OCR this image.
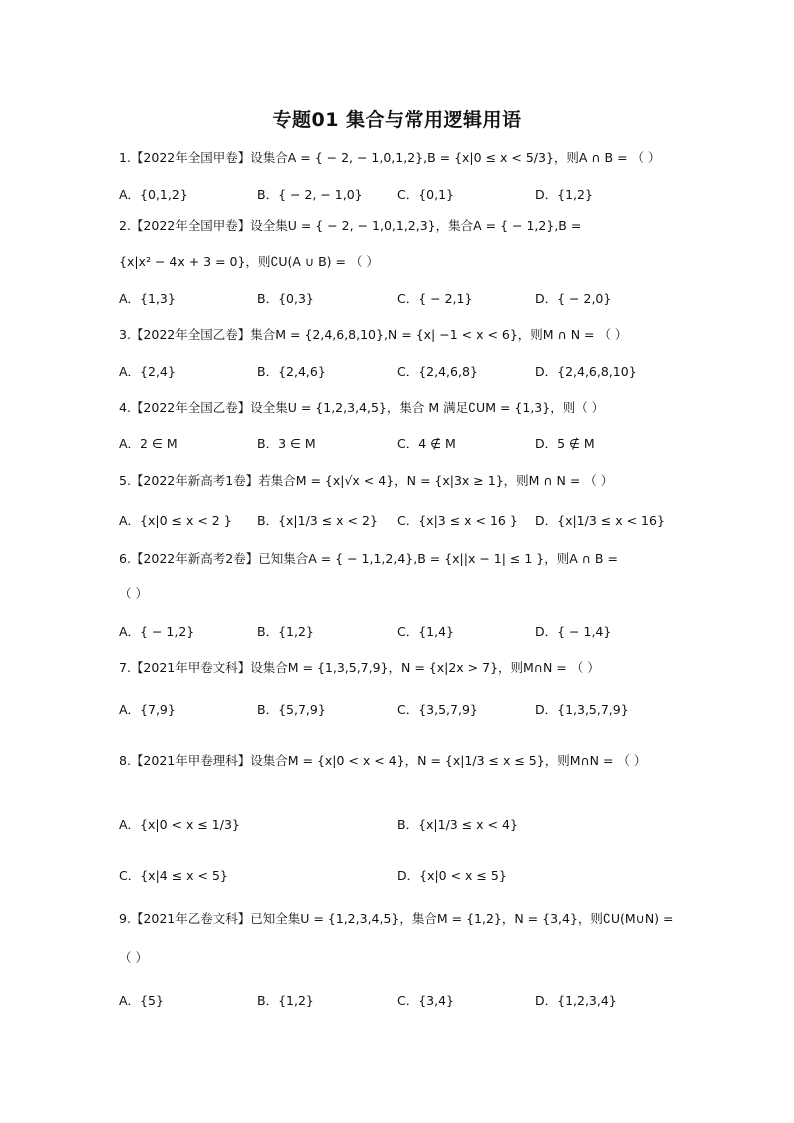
专题01 集合与常用逻辑用语
1.【2022年全国甲卷】设集合A = { − 2, − 1,0,1,2},B = {x|0 ≤ x < 5/3}，则A ∩ B = （ ）
A．{0,1,2}	B．{ − 2, − 1,0}	C．{0,1}	D．{1,2}
2.【2022年全国甲卷】设全集U = { − 2, − 1,0,1,2,3}，集合A = { − 1,2},B =
{x|x² − 4x + 3 = 0}，则∁U(A ∪ B) = （ ）
A．{1,3}	B．{0,3}	C．{ − 2,1}	D．{ − 2,0}
3.【2022年全国乙卷】集合M = {2,4,6,8,10},N = {x| −1 < x < 6}，则M ∩ N = （ ）
A．{2,4}	B．{2,4,6}	C．{2,4,6,8}	D．{2,4,6,8,10}
4.【2022年全国乙卷】设全集U = {1,2,3,4,5}，集合 M 满足∁UM = {1,3}，则（ ）
A．2 ∈ M	B．3 ∈ M	C．4 ∉ M	D．5 ∉ M
5.【2022年新高考1卷】若集合M = {x|√x < 4}，N = {x|3x ≥ 1}，则M ∩ N = （ ）
A．{x|0 ≤ x < 2 } B．{x|1/3 ≤ x < 2} C．{x|3 ≤ x < 16 } D．{x|1/3 ≤ x < 16}
6.【2022年新高考2卷】已知集合A = { − 1,1,2,4},B = {x||x − 1| ≤ 1 }，则A ∩ B =
（ ）
A．{ − 1,2}	B．{1,2}	C．{1,4}	D．{ − 1,4}
7.【2021年甲卷文科】设集合M = {1,3,5,7,9}，N = {x|2x > 7}，则M∩N = （ ）
A．{7,9}	B．{5,7,9}	C．{3,5,7,9}	D．{1,3,5,7,9}
8.【2021年甲卷理科】设集合M = {x|0 < x < 4}，N = {x|1/3 ≤ x ≤ 5}，则M∩N = （ ）
A．{x|0 < x ≤ 1/3}	B．{x|1/3 ≤ x < 4}
C．{x|4 ≤ x < 5}	D．{x|0 < x ≤ 5}
9.【2021年乙卷文科】已知全集U = {1,2,3,4,5}，集合M = {1,2}，N = {3,4}，则∁U(M∪N) =
（ ）
A．{5}	B．{1,2}	C．{3,4}	D．{1,2,3,4}
